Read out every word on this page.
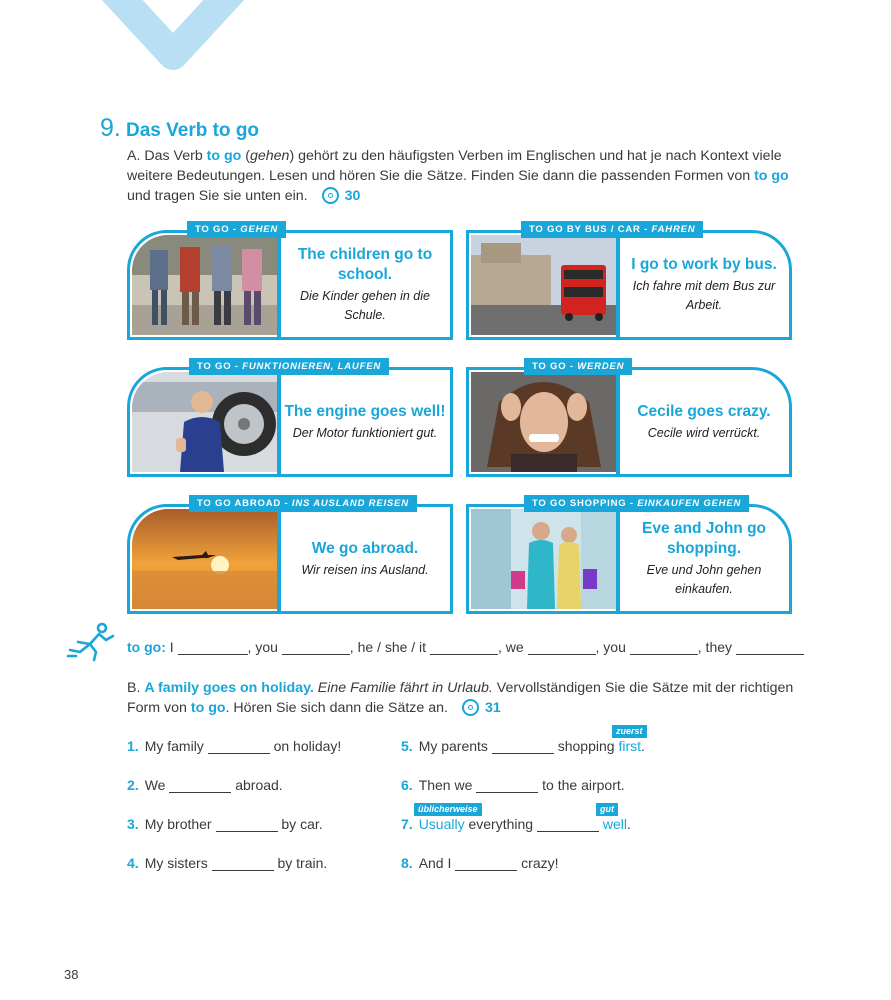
9. Das Verb to go
A. Das Verb to go (gehen) gehört zu den häufigsten Verben im Englischen und hat je nach Kontext viele weitere Bedeutungen. Lesen und hören Sie die Sätze. Finden Sie dann die passenden Formen von to go und tragen Sie sie unten ein.	30
The children go to school.
Die Kinder gehen in die Schule.
TO GO - GEHEN
I go to work by bus.
Ich fahre mit dem Bus zur Arbeit.
TO GO BY BUS / CAR - FAHREN
The engine goes well!
Der Motor funktioniert gut.
TO GO - FUNKTIONIEREN, LAUFEN
Cecile goes crazy.
Cecile wird verrückt.
TO GO - WERDEN
We go abroad.
Wir reisen ins Ausland.
TO GO ABROAD - INS AUSLAND REISEN
Eve and John go shopping.
Eve und John gehen einkaufen.
TO GO SHOPPING - EINKAUFEN GEHEN
to go: I	, you	, he / she / it	, we	, you	, they
B. A family goes on holiday. Eine Familie fährt in Urlaub. Vervollständigen Sie die Sätze mit der richtigen Form von to go. Hören Sie sich dann die Sätze an.	31
1. My family	on holiday!
2. We	abroad.
3. My brother	by car.
4. My sisters	by train.
zuerst
5. My parents	shopping first.
6. Then we	to the airport.
üblicherweise	gut
7. Usually everything	well.
8. And I	crazy!
38
